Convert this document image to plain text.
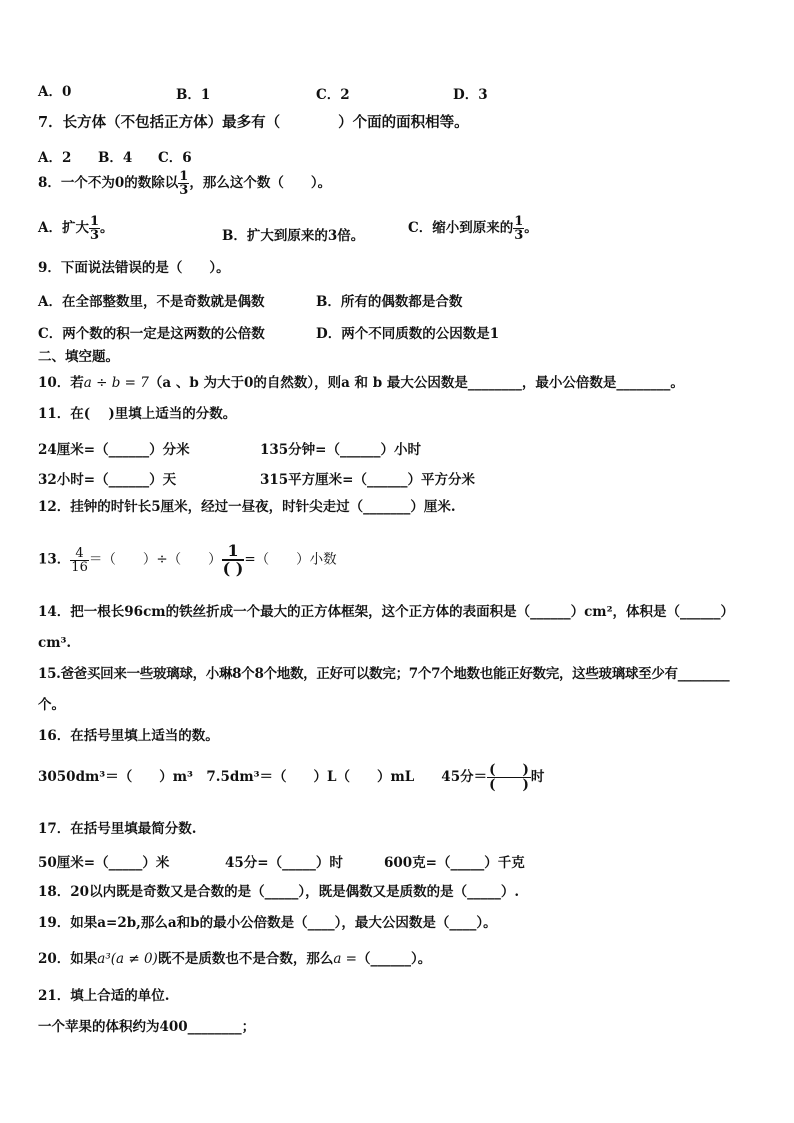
A．0	B．1	C．2	D．3
7．长方体（不包括正方体）最多有（　　　　）个面的面积相等。
A．2 B．4 C．6
8．一个不为0的数除以 $\frac{1}{3}$ ，那么这个数（　　）。
A．扩大 $\frac{1}{3}$ 。	B．扩大到原来的3倍。	C．缩小到原来的 $\frac{1}{3}$ 。
9．下面说法错误的是（　　）。
A．在全部整数里，不是奇数就是偶数	B．所有的偶数都是合数
C．两个数的积一定是这两数的公倍数	D．两个不同质数的公因数是1
二、填空题。
10．若a ÷ b = 7（a 、b 为大于0的自然数），则a 和 b 最大公因数是________，最小公倍数是________。
11．在(　 )里填上适当的分数。
24厘米=（______）分米	135分钟=（______）小时
32小时=（______）天	315平方厘米=（______）平方分米
12．挂钟的时针长5厘米，经过一昼夜，时针尖走过（_______）厘米.
13． $\frac{4}{16}$ ＝（　　）÷（　　） $\frac{1}{( )}$ =（　　）小数
14．把一根长96cm的铁丝折成一个最大的正方体框架，这个正方体的表面积是（______）cm²，体积是（______）
cm³.
15.爸爸买回来一些玻璃球，小琳8个8个地数，正好可以数完；7个7个地数也能正好数完，这些玻璃球至少有________
个。
16．在括号里填上适当的数。
3050dm³＝（　　）m³　7.5dm³＝（　　）L（　　）mL　　45分＝ $\frac{( )}{( )}$ 时
17．在括号里填最简分数.
50厘米=（_____）米	45分=（_____）时	600克=（_____）千克
18．20以内既是奇数又是合数的是（_____），既是偶数又是质数的是（_____）.
19．如果a=2b,那么a和b的最小公倍数是（____），最大公因数是（____）。
20．如果a³(a ≠ 0)既不是质数也不是合数，那么a =（______）。
21．填上合适的单位.
一个苹果的体积约为400________；
